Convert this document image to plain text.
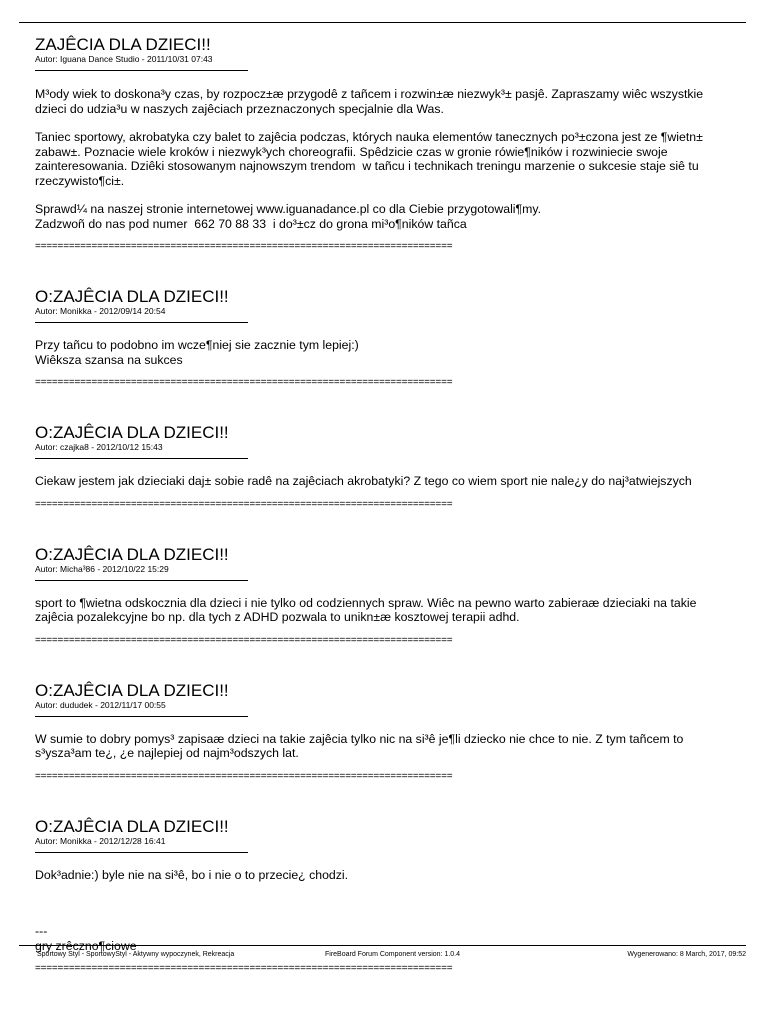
ZAJÊCIA DLA DZIECI!!
Autor: Iguana Dance Studio - 2011/10/31 07:43

M³ody wiek to doskona³y czas, by rozpocz±æ przygodê z tañcem i rozwin±æ niezwyk³± pasjê. Zapraszamy wiêc wszystkie dzieci do udzia³u w naszych zajêciach przeznaczonych specjalnie dla Was.

Taniec sportowy, akrobatyka czy balet to zajêcia podczas, których nauka elementów tanecznych po³±czona jest ze ¶wietn± zabaw±. Poznacie wiele kroków i niezwyk³ych choreografii. Spêdzicie czas w gronie rówie¶ników i rozwiniecie swoje zainteresowania. Dziêki stosowanym najnowszym trendom  w tañcu i technikach treningu marzenie o sukcesie staje siê tu rzeczywisto¶ci±.

Sprawd¼ na naszej stronie internetowej www.iguanadance.pl co dla Ciebie przygotowali¶my.
Zadzwoñ do nas pod numer  662 70 88 33  i do³±cz do grona mi³o¶ników tañca

==========================================================================
O:ZAJÊCIA DLA DZIECI!!
Autor: Monikka - 2012/09/14 20:54

Przy tañcu to podobno im wcze¶niej sie zacznie tym lepiej:)
Wiêksza szansa na sukces

==========================================================================
O:ZAJÊCIA DLA DZIECI!!
Autor: czajka8 - 2012/10/12 15:43

Ciekaw jestem jak dzieciaki daj± sobie radê na zajêciach akrobatyki? Z tego co wiem sport nie nale¿y do naj³atwiejszych

==========================================================================
O:ZAJÊCIA DLA DZIECI!!
Autor: Micha³86 - 2012/10/22 15:29

sport to ¶wietna odskocznia dla dzieci i nie tylko od codziennych spraw. Wiêc na pewno warto zabieraæ dzieciaki na takie zajêcia pozalekcyjne bo np. dla tych z ADHD pozwala to unikn±æ kosztowej terapii adhd.

==========================================================================
O:ZAJÊCIA DLA DZIECI!!
Autor: dududek - 2012/11/17 00:55

W sumie to dobry pomys³ zapisaæ dzieci na takie zajêcia tylko nic na si³ê je¶li dziecko nie chce to nie. Z tym tañcem to s³ysza³am te¿, ¿e najlepiej od najm³odszych lat.

==========================================================================
O:ZAJÊCIA DLA DZIECI!!
Autor: Monikka - 2012/12/28 16:41

Dok³adnie:) byle nie na si³ê, bo i nie o to przecie¿ chodzi.

---
gry zrêczno¶ciowe

==========================================================================
Sportowy Styl - SportowyStyl - Aktywny wypoczynek, Rekreacja	FireBoard Forum Component version: 1.0.4	Wygenerowano: 8 March, 2017, 09:52
